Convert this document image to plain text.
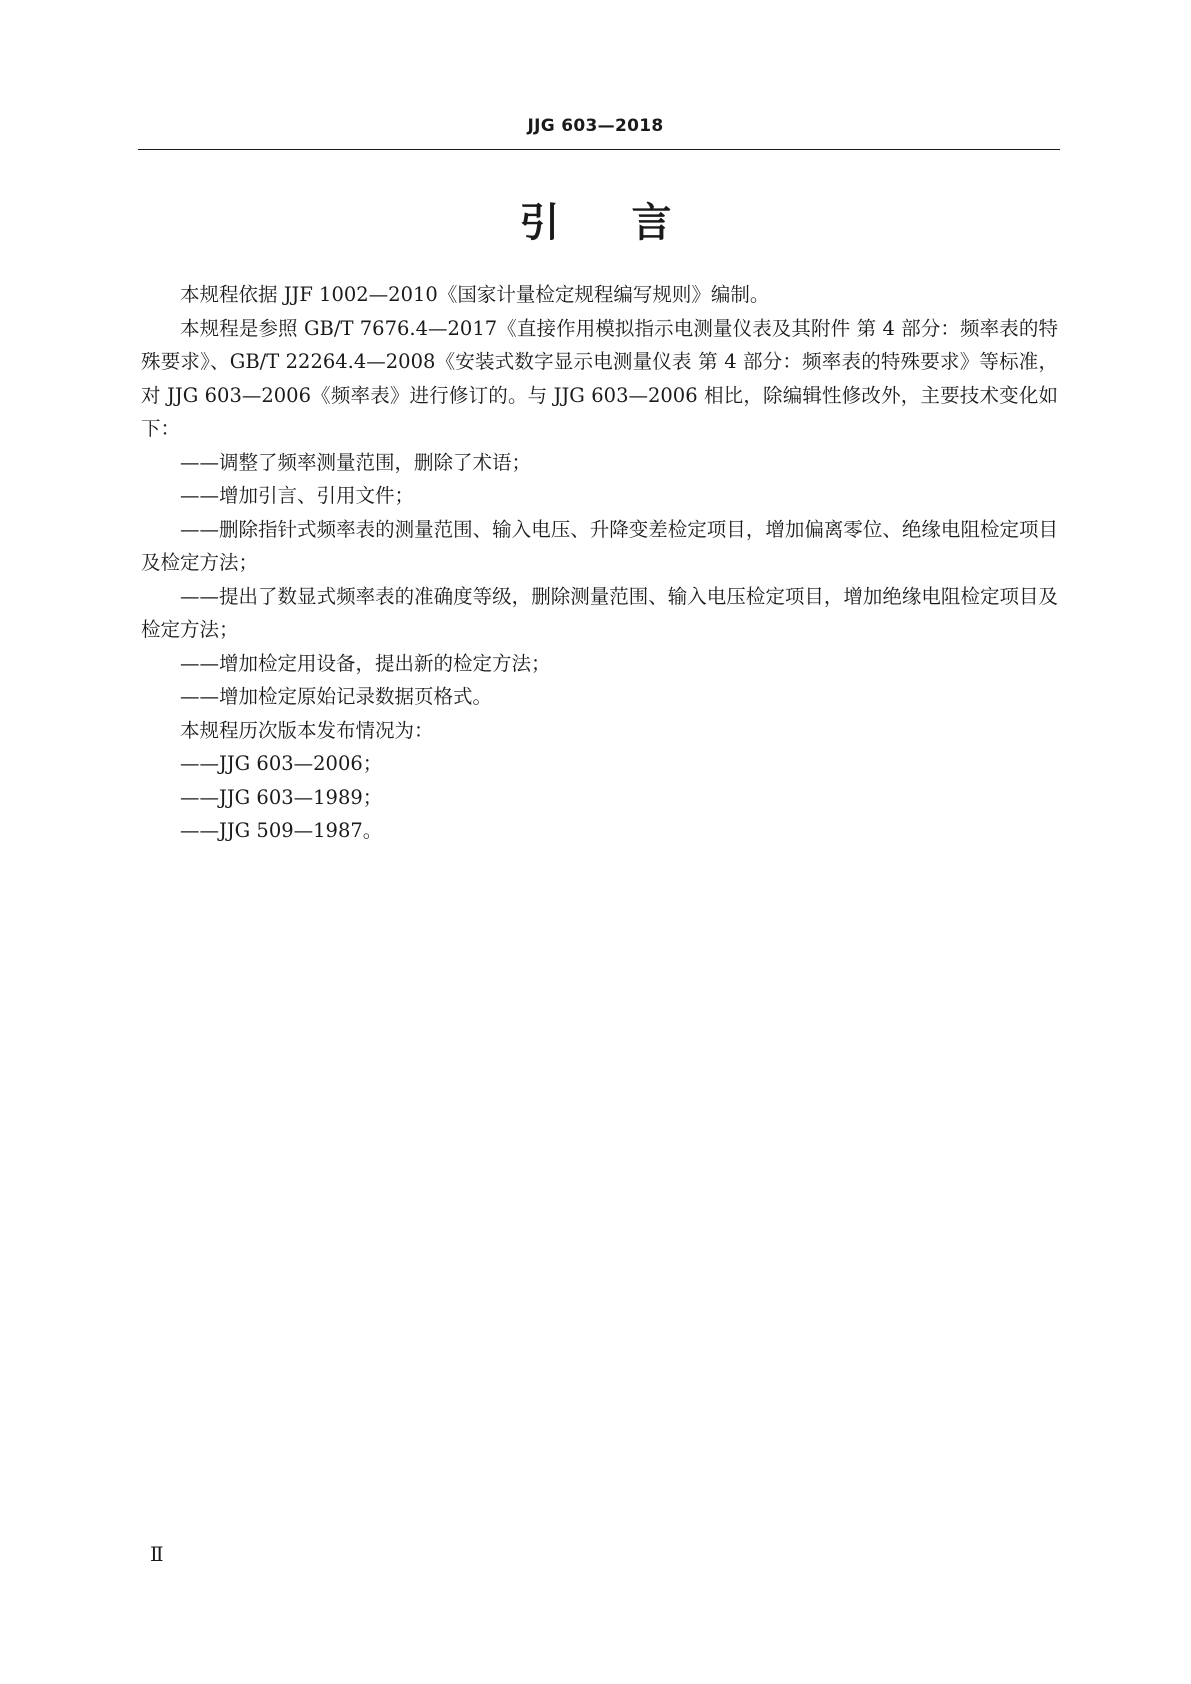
JJG 603—2018
引 言

本规程依据 JJF 1002—2010《国家计量检定规程编写规则》编制。

本规程是参照 GB/T 7676.4—2017《直接作用模拟指示电测量仪表及其附件 第 4 部分：频率表的特殊要求》、GB/T 22264.4—2008《安装式数字显示电测量仪表 第 4 部分：频率表的特殊要求》等标准，对 JJG 603—2006《频率表》进行修订的。与 JJG 603—2006 相比，除编辑性修改外，主要技术变化如下：

——调整了频率测量范围，删除了术语；

——增加引言、引用文件；

——删除指针式频率表的测量范围、输入电压、升降变差检定项目，增加偏离零位、绝缘电阻检定项目及检定方法；

——提出了数显式频率表的准确度等级，删除测量范围、输入电压检定项目，增加绝缘电阻检定项目及检定方法；

——增加检定用设备，提出新的检定方法；

——增加检定原始记录数据页格式。

本规程历次版本发布情况为：

——JJG 603—2006；

——JJG 603—1989；

——JJG 509—1987。

Ⅱ
